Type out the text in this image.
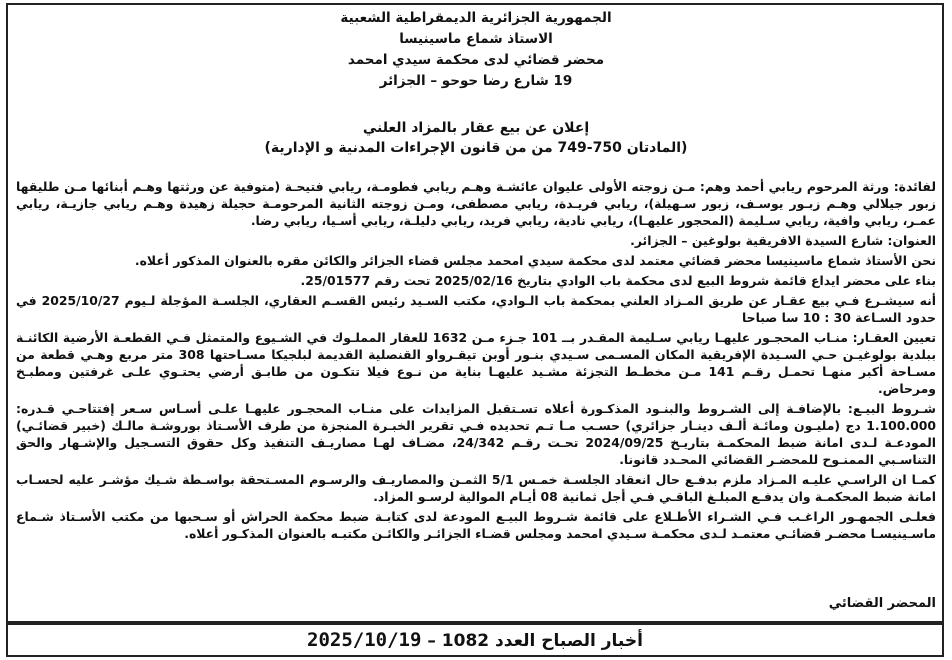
الجمهورية الجزائرية الديمقراطية الشعبية
الاستاذ شماع ماسينيسا
محضر قضائي لدى محكمة سيدي امحمد
19 شارع رضا حوحو – الجزائر
إعلان عن بيع عقار بالمزاد العلني
(المادتان 750-749 من من قانون الإجراءات المدنية و الإدارية)

لفائدة: ورثة المرحوم ريابي أحمد وهم: مـن زوجته الأولى عليوان عائشـة وهـم ريابي فطومـة، ريابي فتيحـة (متوفية عن ورثتها وهـم أبنائها مـن طليقها زبور جيلالي وهـم زبـور يوسـف، زبور سـهيلة)، ريابي فريـدة، ريابي مصطفى، ومـن زوجته الثانية المرحومـة حجيلة زهيدة وهـم ريابي جازيـة، ريابي عمـر، ريابي وافية، ريابي سـليمة (المحجور عليهـا)، ريابي نادية، ريابي فريد، ريابي دليلـة، ريابي أسـيا، ريابي رضا.

العنوان: شارع السيدة الافريقية بولوغين – الجزائر.

نحن الأستاذ شماع ماسينيسا محضر قضائي معتمد لدى محكمة سيدي امحمد مجلس قضاء الجزائر والكائن مقره بالعنوان المذكور أعلاه.

بناء على محضر ايداع قائمة شروط البيع لدى محكمة باب الوادي بتاريخ 2025/02/16 تحت رقم 25/01577.

أنه سيشـرع فـي بيع عقـار عن طريق المـزاد العلني بمحكمة باب الـوادي، مكتب السـيد رئيس القسـم العقاري، الجلسـة المؤجلة لـيوم 2025/10/27 في حدود السـاعة 30 : 10 سا صباحا

تعيين العقـار: منـاب المحجـور عليهـا ريابي سـليمة المقـدر بــ 101 جـزء مـن 1632 للعقار المملـوك في الشـيوع والمتمثل فـي القطعـة الأرضية الكائنـة ببلدية بولوغيـن حـي السـيدة الإفريقية المكان المسـمى سـيدي بنـور أوبن تيقـرواو القنصلية القديمة لبلجيكا مسـاحتها 308 متر مربع وهـي قطعة من مسـاحة أكبر منهـا تحمـل رقـم 141 مـن مخطـط التجزئة مشـيد عليهـا بناية من نـوع فيلا تتكـون من طابـق أرضي يحتـوي علـى غرفتين ومطبـخ ومرحاض.

شـروط البيـع: بالإضافـة إلى الشـروط والبنـود المذكـورة أعلاه تسـتقبل المزايدات على منـاب المحجـور عليهـا علـى أسـاس سـعر إفتتاحـي قـدره: 1.100.000 دج (مليـون ومائـة ألـف دينـار جزائري) حسـب مـا تـم تحديده فـي تقرير الخبـرة المنجزة من طرف الأسـتاذ بوروشـة مالـك (خبير قضائـي) المودعـة لـدى امانة ضبط المحكمـة بتاريـخ 2024/09/25 تحـت رقـم 24/342، مضـاف لهـا مصاريـف التنفيذ وكل حقوق التسـجيل والإشـهار والحق التناسـبي الممنـوح للمحضـر القضائي المحـدد قانونا.

كمـا ان الراسـي عليـه المـزاد ملزم بدفـع حال انعقاد الجلسـة خمـس 5/1 الثمـن والمصاريـف والرسـوم المسـتحقة بواسـطة شـيك مؤشـر عليه لحسـاب امانة ضبط المحكمـة وان يدفـع المبلـغ الباقـي فـي أجل ثمانية 08 أيـام الموالية لرسـو المزاد.

فعلـى الجمهـور الراغـب فـي الشـراء الأطـلاع على قائمة شـروط البيـع المودعة لدى كتابـة ضبط محكمة الحراش أو سـحبها من مكتب الأسـتاذ شـماع ماسـينيسـا محضـر قضائـي معتمـد لـدى محكمـة سـيدي امحمد ومجلس قضـاء الجزائـر والكائـن مكتبـه بالعنوان المذكـور أعلاه.

المحضر القضائي
أخبار الصباح العدد 1082 – 2025/10/19
